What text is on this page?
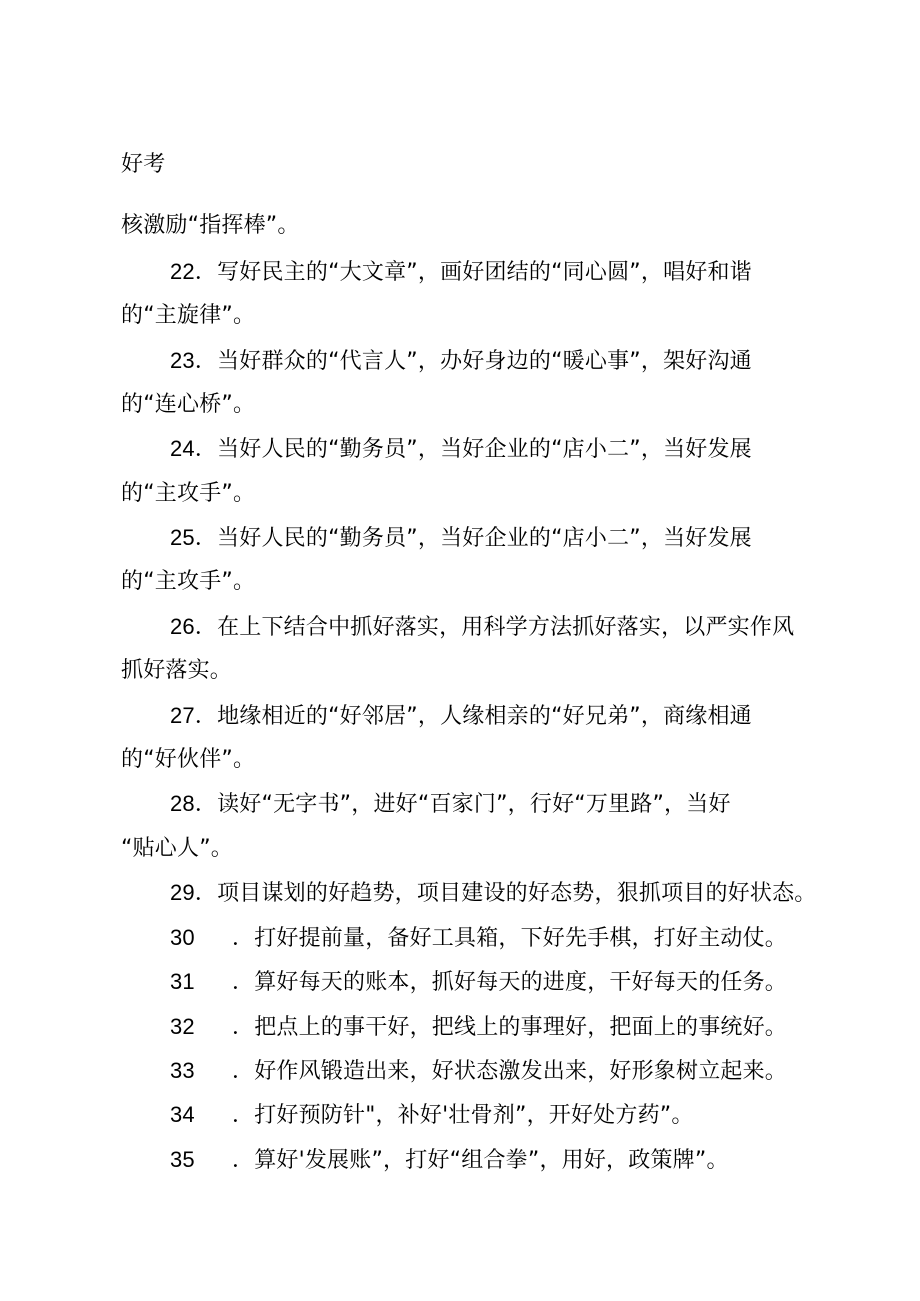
好考

核激励“指挥棒”。

22．写好民主的“大文章”，画好团结的“同心圆”，唱好和谐

的“主旋律”。

23．当好群众的“代言人”，办好身边的“暖心事”，架好沟通

的“连心桥”。

24．当好人民的“勤务员”，当好企业的“店小二”，当好发展

的“主攻手”。

25．当好人民的“勤务员”，当好企业的“店小二”，当好发展

的“主攻手”。

26．在上下结合中抓好落实，用科学方法抓好落实，以严实作风

抓好落实。

27．地缘相近的“好邻居”，人缘相亲的“好兄弟”，商缘相通

的“好伙伴”。

28．读好“无字书”，进好“百家门”，行好“万里路”，当好

“贴心人”。

29．项目谋划的好趋势，项目建设的好态势，狠抓项目的好状态。

30 ．打好提前量，备好工具箱，下好先手棋，打好主动仗。

31 ．算好每天的账本，抓好每天的进度，干好每天的任务。

32 ．把点上的事干好，把线上的事理好，把面上的事统好。

33 ．好作风锻造出来，好状态激发出来，好形象树立起来。

34 ．打好预防针"，补好'壮骨剂”，开好处方药”。

35 ．算好'发展账”，打好“组合拳”，用好，政策牌”。
